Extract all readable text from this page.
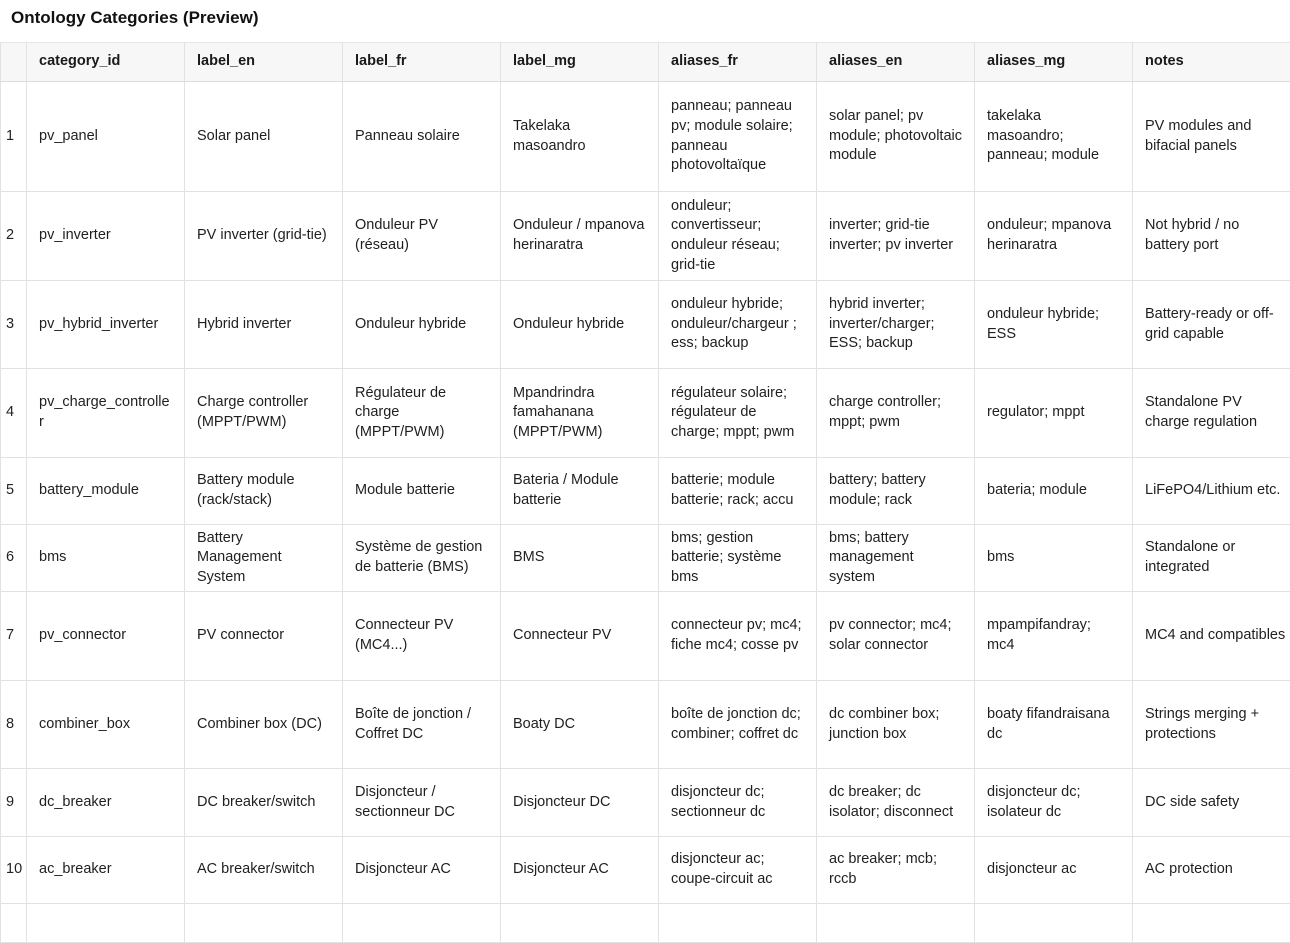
Ontology Categories (Preview)
	category_id	label_en	label_fr	label_mg	aliases_fr	aliases_en	aliases_mg	notes
1	pv_panel	Solar panel	Panneau solaire	Takelaka masoandro	panneau; panneau pv; module solaire; panneau photovoltaïque	solar panel; pv module; photovoltaic module	takelaka masoandro; panneau; module	PV modules and bifacial panels
2	pv_inverter	PV inverter (grid-tie)	Onduleur PV (réseau)	Onduleur / mpanova herinaratra	onduleur; convertisseur; onduleur réseau; grid-tie	inverter; grid-tie inverter; pv inverter	onduleur; mpanova herinaratra	Not hybrid / no battery port
3	pv_hybrid_inverter	Hybrid inverter	Onduleur hybride	Onduleur hybride	onduleur hybride; onduleur/chargeur ; ess; backup	hybrid inverter; inverter/charger; ESS; backup	onduleur hybride; ESS	Battery-ready or off-grid capable
4	pv_charge_controller	Charge controller (MPPT/PWM)	Régulateur de charge (MPPT/PWM)	Mpandrindra famahanana (MPPT/PWM)	régulateur solaire; régulateur de charge; mppt; pwm	charge controller; mppt; pwm	regulator; mppt	Standalone PV charge regulation
5	battery_module	Battery module (rack/stack)	Module batterie	Bateria / Module batterie	batterie; module batterie; rack; accu	battery; battery module; rack	bateria; module	LiFePO4/Lithium etc.
6	bms	Battery Management System	Système de gestion de batterie (BMS)	BMS	bms; gestion batterie; système bms	bms; battery management system	bms	Standalone or integrated
7	pv_connector	PV connector	Connecteur PV (MC4...)	Connecteur PV	connecteur pv; mc4; fiche mc4; cosse pv	pv connector; mc4; solar connector	mpampifandray; mc4	MC4 and compatibles
8	combiner_box	Combiner box (DC)	Boîte de jonction / Coffret DC	Boaty DC	boîte de jonction dc; combiner; coffret dc	dc combiner box; junction box	boaty fifandraisana dc	Strings merging + protections
9	dc_breaker	DC breaker/switch	Disjoncteur / sectionneur DC	Disjoncteur DC	disjoncteur dc; sectionneur dc	dc breaker; dc isolator; disconnect	disjoncteur dc; isolateur dc	DC side safety
10	ac_breaker	AC breaker/switch	Disjoncteur AC	Disjoncteur AC	disjoncteur ac; coupe-circuit ac	ac breaker; mcb; rccb	disjoncteur ac	AC protection
